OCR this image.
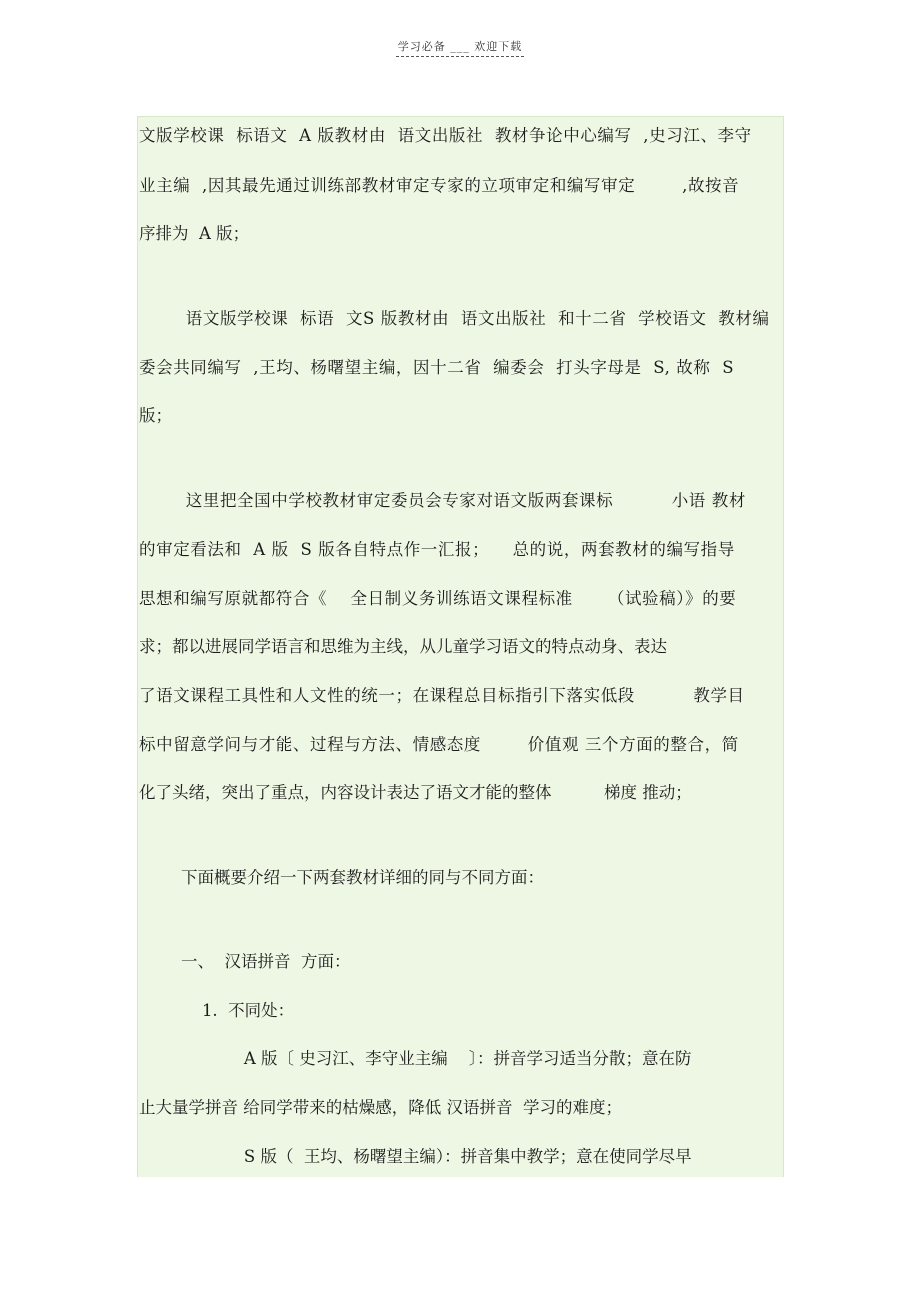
学习必备 ___ 欢迎下载
文版学校课  标语文  A 版教材由  语文出版社  教材争论中心编写  ,史习江、李守
业主编  ,因其最先通过训练部教材审定专家的立项审定和编写审定        ,故按音
序排为  A 版；
语文版学校课  标语  文S 版教材由  语文出版社  和十二省  学校语文  教材编
委会共同编写  ,王均、杨曙望主编，因十二省  编委会  打头字母是  S, 故称  S
版；
这里把全国中学校教材审定委员会专家对语文版两套课标          小语 教材
的审定看法和  A 版  S 版各自特点作一汇报；    总的说，两套教材的编写指导
思想和编写原就都符合《    全日制义务训练语文课程标准      （试验稿）》的要
求；都以进展同学语言和思维为主线，从儿童学习语文的特点动身、表达
了语文课程工具性和人文性的统一；在课程总目标指引下落实低段          教学目
标中留意学问与才能、过程与方法、情感态度        价值观 三个方面的整合，简
化了头绪，突出了重点，内容设计表达了语文才能的整体          梯度 推动；
下面概要介绍一下两套教材详细的同与不同方面：
一、  汉语拼音  方面：
1.  不同处：
A 版〔 史习江、李守业主编    〕：拼音学习适当分散；意在防
止大量学拼音 给同学带来的枯燥感，降低 汉语拼音  学习的难度；
S 版（  王均、杨曙望主编）：拼音集中教学；意在使同学尽早
